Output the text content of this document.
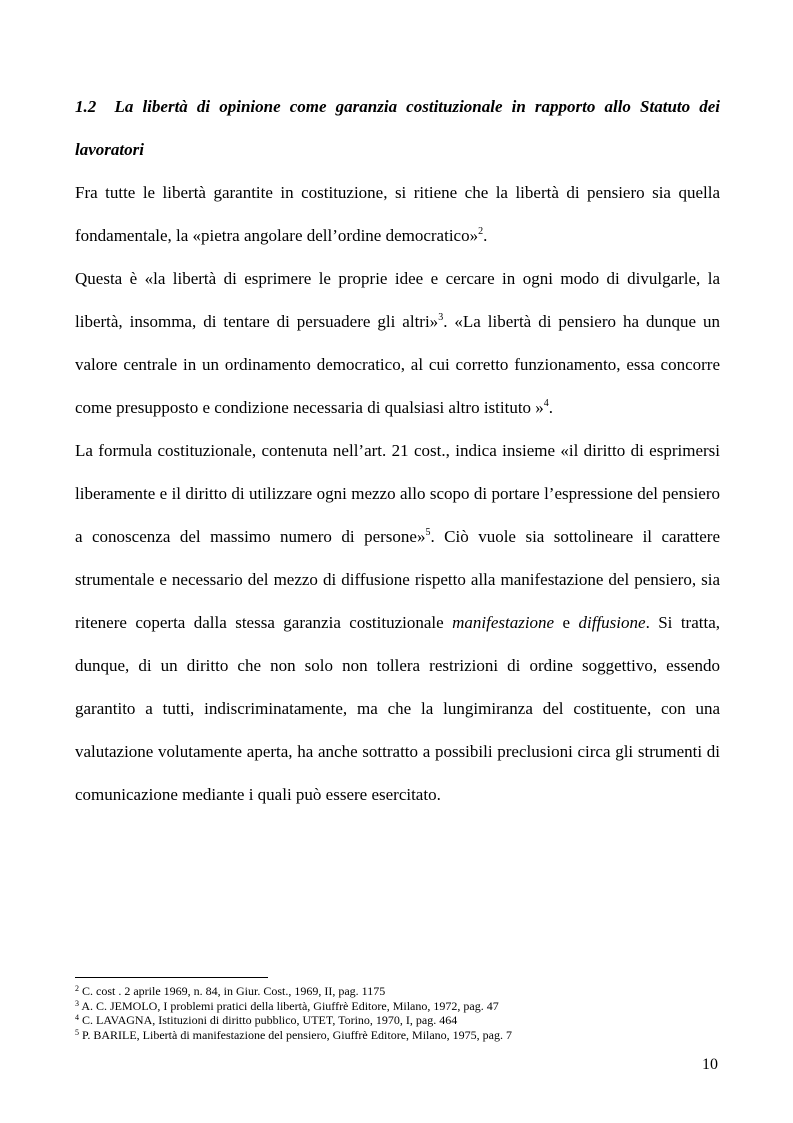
1.2 La libertà di opinione come garanzia costituzionale in rapporto allo Statuto dei lavoratori

Fra tutte le libertà garantite in costituzione, si ritiene che la libertà di pensiero sia quella fondamentale, la «pietra angolare dell’ordine democratico»$^2$.

Questa è «la libertà di esprimere le proprie idee e cercare in ogni modo di divulgarle, la libertà, insomma, di tentare di persuadere gli altri»$^3$. «La libertà di pensiero ha dunque un valore centrale in un ordinamento democratico, al cui corretto funzionamento, essa concorre come presupposto e condizione necessaria di qualsiasi altro istituto »$^4$.

La formula costituzionale, contenuta nell’art. 21 cost., indica insieme «il diritto di esprimersi liberamente e il diritto di utilizzare ogni mezzo allo scopo di portare l’espressione del pensiero a conoscenza del massimo numero di persone»$^5$. Ciò vuole sia sottolineare il carattere strumentale e necessario del mezzo di diffusione rispetto alla manifestazione del pensiero, sia ritenere coperta dalla stessa garanzia costituzionale manifestazione e diffusione. Si tratta, dunque, di un diritto che non solo non tollera restrizioni di ordine soggettivo, essendo garantito a tutti, indiscriminatamente, ma che la lungimiranza del costituente, con una valutazione volutamente aperta, ha anche sottratto a possibili preclusioni circa gli strumenti di comunicazione mediante i quali può essere esercitato.

$^2$ C. cost . 2 aprile 1969, n. 84, in Giur. Cost., 1969, II, pag. 1175
$^3$ A. C. JEMOLO, I problemi pratici della libertà, Giuffrè Editore, Milano, 1972, pag. 47
$^4$ C. LAVAGNA, Istituzioni di diritto pubblico, UTET, Torino, 1970, I, pag. 464
$^5$ P. BARILE, Libertà di manifestazione del pensiero, Giuffrè Editore, Milano, 1975, pag. 7
10
